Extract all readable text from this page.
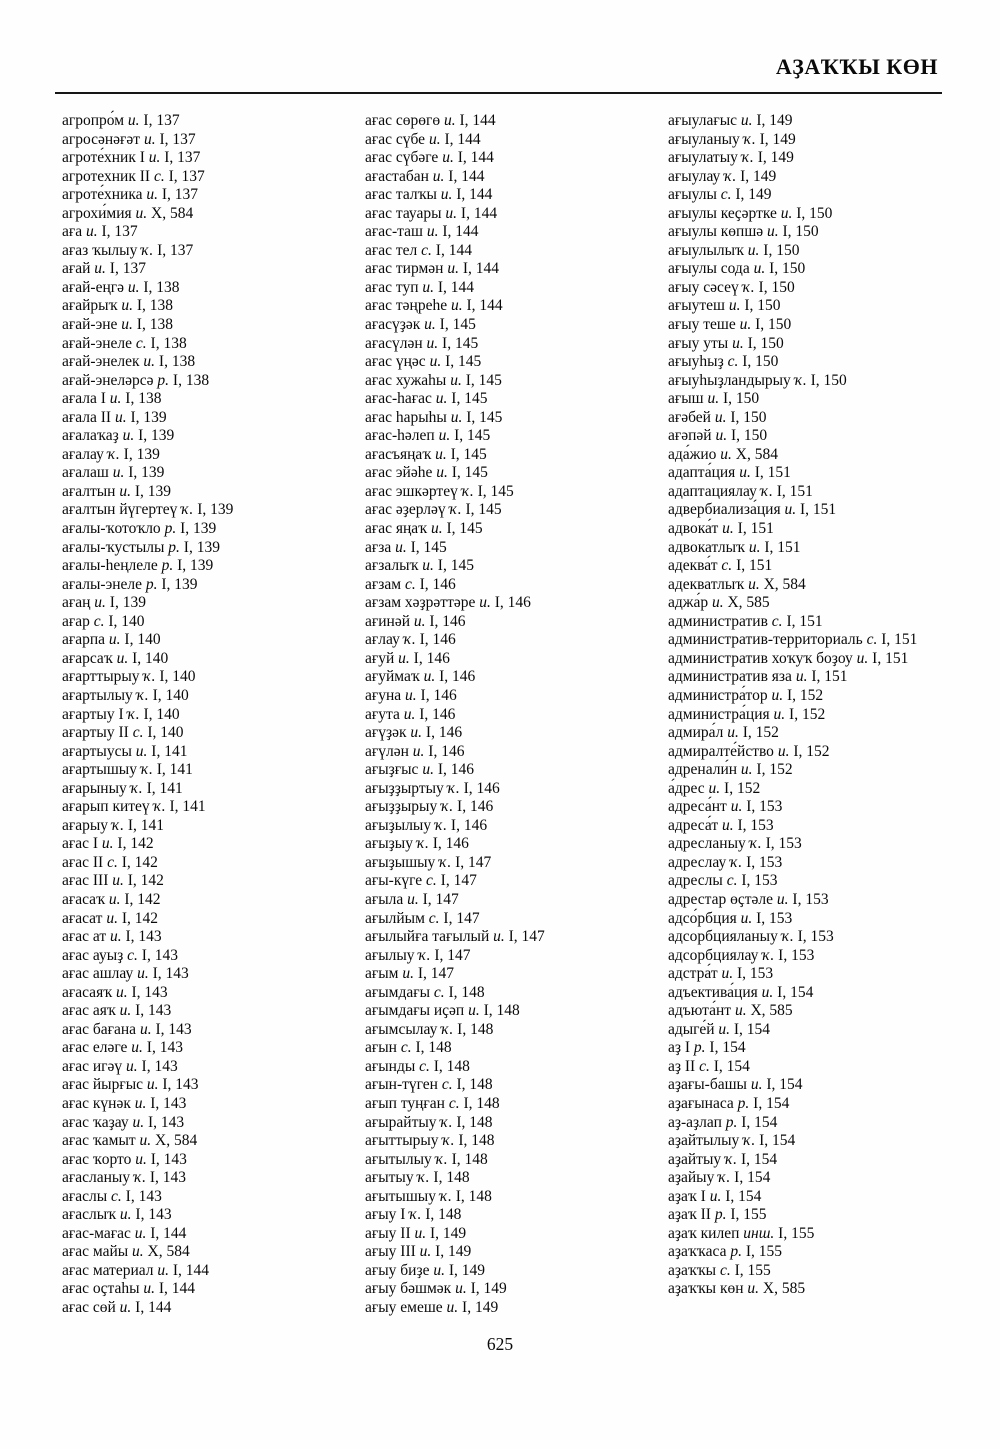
АҘАҠҠЫ КӨН
агропро́м и. I, 137
агросәнәғәт и. I, 137
агроте́хник I и. I, 137
агротехник II с. I, 137
агроте́хника и. I, 137
агрохи́мия и. X, 584
аға и. I, 137
ағаз ҡылыу ҡ. I, 137
ағай и. I, 137
ағай-еңгә и. I, 138
ағайрыҡ и. I, 138
ағай-эне и. I, 138
ағай-энеле с. I, 138
ағай-энелек и. I, 138
ағай-энеләрсә р. I, 138
ағала I и. I, 138
ағала II и. I, 139
ағалаҡаҙ и. I, 139
ағалау ҡ. I, 139
ағалаш и. I, 139
ағалтын и. I, 139
ағалтын йүгертеү ҡ. I, 139
ағалы-ҡотоҡло р. I, 139
ағалы-ҡустылы р. I, 139
ағалы-һеңлеле р. I, 139
ағалы-энеле р. I, 139
ағаң и. I, 139
ағар с. I, 140
ағарпа и. I, 140
ағарсаҡ и. I, 140
ағарттырыу ҡ. I, 140
ағартылыу ҡ. I, 140
ағартыу I ҡ. I, 140
ағартыу II с. I, 140
ағартыусы и. I, 141
ағартышыу ҡ. I, 141
ағарыныу ҡ. I, 141
ағарып китеү ҡ. I, 141
ағарыу ҡ. I, 141
ағас I и. I, 142
ағас II с. I, 142
ағас III и. I, 142
ағасаҡ и. I, 142
ағасат и. I, 142
ағас ат и. I, 143
ағас ауыҙ с. I, 143
ағас ашлау и. I, 143
ағасаяҡ и. I, 143
ағас аяҡ и. I, 143
ағас бағана и. I, 143
ағас еләге и. I, 143
ағас игәү и. I, 143
ағас йырғыс и. I, 143
ағас күнәк и. I, 143
ағас ҡаҙау и. I, 143
ағас ҡамыт и. X, 584
ағас ҡорто и. I, 143
ағасланыу ҡ. I, 143
ағаслы с. I, 143
ағаслыҡ и. I, 143
ағас-мағас и. I, 144
ағас майы и. X, 584
ағас материал и. I, 144
ағас оҫтаһы и. I, 144
ағас сөй и. I, 144
ағас сөрөгө и. I, 144
ағас сүбе и. I, 144
ағас сүбәге и. I, 144
ағастабан и. I, 144
ағас талҡы и. I, 144
ағас тауары и. I, 144
ағас-таш и. I, 144
ағас тел с. I, 144
ағас тирмән и. I, 144
ағас туп и. I, 144
ағас тәңреһе и. I, 144
ағасүҙәк и. I, 145
ағасүлән и. I, 145
ағас үңәс и. I, 145
ағас хужаһы и. I, 145
ағас-һағас и. I, 145
ағас һарыһы и. I, 145
ағас-һәлеп и. I, 145
ағасъяңаҡ и. I, 145
ағас эйәһе и. I, 145
ағас эшкәртеү ҡ. I, 145
ағас әҙерләү ҡ. I, 145
ағас яңаҡ и. I, 145
ағза и. I, 145
ағзалыҡ и. I, 145
ағзам с. I, 146
ағзам хәҙрәттәре и. I, 146
ағинәй и. I, 146
ағлау ҡ. I, 146
ағуй и. I, 146
ағуймаҡ и. I, 146
ағуна и. I, 146
ағута и. I, 146
ағүҙәк и. I, 146
ағүлән и. I, 146
ағыҙғыс и. I, 146
ағыҙҙыртыу ҡ. I, 146
ағыҙҙырыу ҡ. I, 146
ағыҙылыу ҡ. I, 146
ағыҙыу ҡ. I, 146
ағыҙышыу ҡ. I, 147
ағы-күге с. I, 147
ағыла и. I, 147
ағылйым с. I, 147
ағылыйға тағылый и. I, 147
ағылыу ҡ. I, 147
ағым и. I, 147
ағымдағы с. I, 148
ағымдағы иҫәп и. I, 148
ағымсылау ҡ. I, 148
ағын с. I, 148
ағынды с. I, 148
ағын-түген с. I, 148
ағып туңған с. I, 148
ағырайтыу ҡ. I, 148
ағыттырыу ҡ. I, 148
ағытылыу ҡ. I, 148
ағытыу ҡ. I, 148
ағытышыу ҡ. I, 148
ағыу I ҡ. I, 148
ағыу II и. I, 149
ағыу III и. I, 149
ағыу биҙе и. I, 149
ағыу бәшмәк и. I, 149
ағыу емеше и. I, 149
ағыулағыс и. I, 149
ағыуланыу ҡ. I, 149
ағыулатыу ҡ. I, 149
ағыулау ҡ. I, 149
ағыулы с. I, 149
ағыулы кеҫәртке и. I, 150
ағыулы көпшә и. I, 150
ағыулылыҡ и. I, 150
ағыулы сода и. I, 150
ағыу сәсеү ҡ. I, 150
ағыутеш и. I, 150
ағыу теше и. I, 150
ағыу уты и. I, 150
ағыуһыҙ с. I, 150
ағыуһыҙландырыу ҡ. I, 150
ағыш и. I, 150
ағәбей и. I, 150
ағәпәй и. I, 150
ада́жио и. X, 584
адапта́ция и. I, 151
адаптациялау ҡ. I, 151
адвербиализа́ция и. I, 151
адвока́т и. I, 151
адвокатлыҡ и. I, 151
адеква́т с. I, 151
адекватлыҡ и. X, 584
аджа́р и. X, 585
административ с. I, 151
административ-территориаль с. I, 151
административ хоҡуҡ боҙоу и. I, 151
административ яза и. I, 151
администра́тор и. I, 152
администра́ция и. I, 152
адмира́л и. I, 152
адмиралте́йство и. I, 152
адренали́н и. I, 152
а́дрес и. I, 152
адреса́нт и. I, 153
адреса́т и. I, 153
адресланыу ҡ. I, 153
адреслау ҡ. I, 153
адреслы с. I, 153
адрестар өҫтәле и. I, 153
адсо́рбция и. I, 153
адсорбцияланыу ҡ. I, 153
адсорбциялау ҡ. I, 153
адстра́т и. I, 153
адъектива́ция и. I, 154
адъюта́нт и. X, 585
адыге́й и. I, 154
аҙ I р. I, 154
аҙ II с. I, 154
аҙағы-башы и. I, 154
аҙағынаса р. I, 154
аҙ-аҙлап р. I, 154
аҙайтылыу ҡ. I, 154
аҙайтыу ҡ. I, 154
аҙайыу ҡ. I, 154
аҙаҡ I и. I, 154
аҙаҡ II р. I, 155
аҙаҡ килеп инш. I, 155
аҙаҡҡаса р. I, 155
аҙаҡҡы с. I, 155
аҙаҡҡы көн и. X, 585
625
